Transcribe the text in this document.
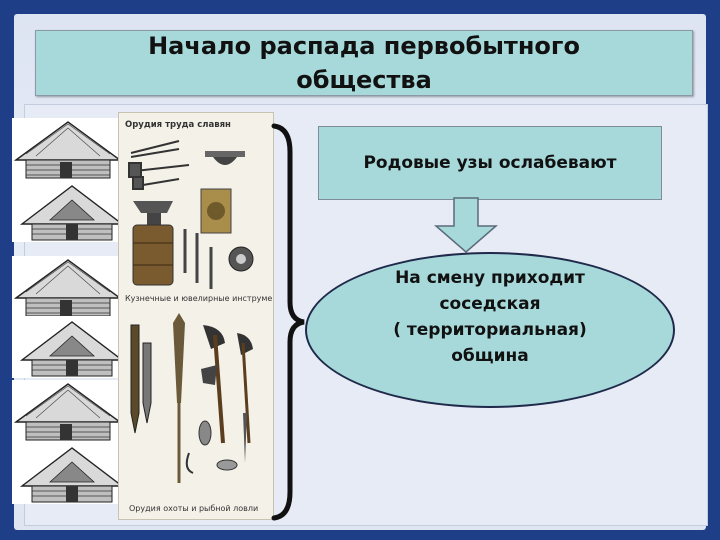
Начало распада первобытного общества
Орудия труда славян
Кузнечные и ювелирные инструменты
Орудия охоты и рыбной ловли
Родовые узы ослабевают
На смену приходит
соседская
( территориальная)
община
